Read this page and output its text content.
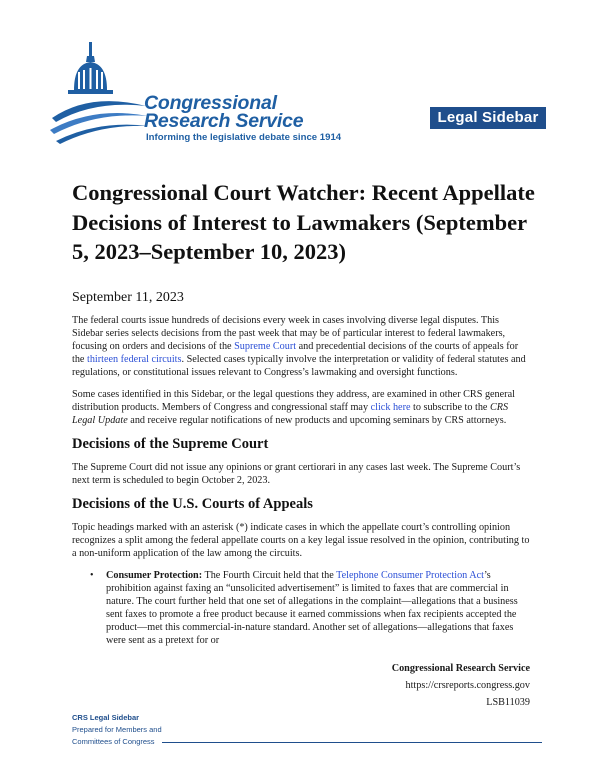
Congressional
Research Service
Informing the legislative debate since 1914
Legal Sidebar
Congressional Court Watcher: Recent Appellate Decisions of Interest to Lawmakers (September 5, 2023–September 10, 2023)
September 11, 2023

The federal courts issue hundreds of decisions every week in cases involving diverse legal disputes. This Sidebar series selects decisions from the past week that may be of particular interest to federal lawmakers, focusing on orders and decisions of the Supreme Court and precedential decisions of the courts of appeals for the thirteen federal circuits. Selected cases typically involve the interpretation or validity of federal statutes and regulations, or constitutional issues relevant to Congress’s lawmaking and oversight functions.

Some cases identified in this Sidebar, or the legal questions they address, are examined in other CRS general distribution products. Members of Congress and congressional staff may click here to subscribe to the CRS Legal Update and receive regular notifications of new products and upcoming seminars by CRS attorneys.

Decisions of the Supreme Court

The Supreme Court did not issue any opinions or grant certiorari in any cases last week. The Supreme Court’s next term is scheduled to begin October 2, 2023.

Decisions of the U.S. Courts of Appeals

Topic headings marked with an asterisk (*) indicate cases in which the appellate court’s controlling opinion recognizes a split among the federal appellate courts on a key legal issue resolved in the opinion, contributing to a non-uniform application of the law among the circuits.

• Consumer Protection: The Fourth Circuit held that the Telephone Consumer Protection Act’s prohibition against faxing an “unsolicited advertisement” is limited to faxes that are commercial in nature. The court further held that one set of allegations in the complaint—allegations that a business sent faxes to promote a free product because it earned commissions when fax recipients accepted the product—met this commercial-in-nature standard. Another set of allegations—allegations that faxes were sent as a pretext for or
Congressional Research Service
https://crsreports.congress.gov
LSB11039
CRS Legal Sidebar
Prepared for Members and
Committees of Congress
